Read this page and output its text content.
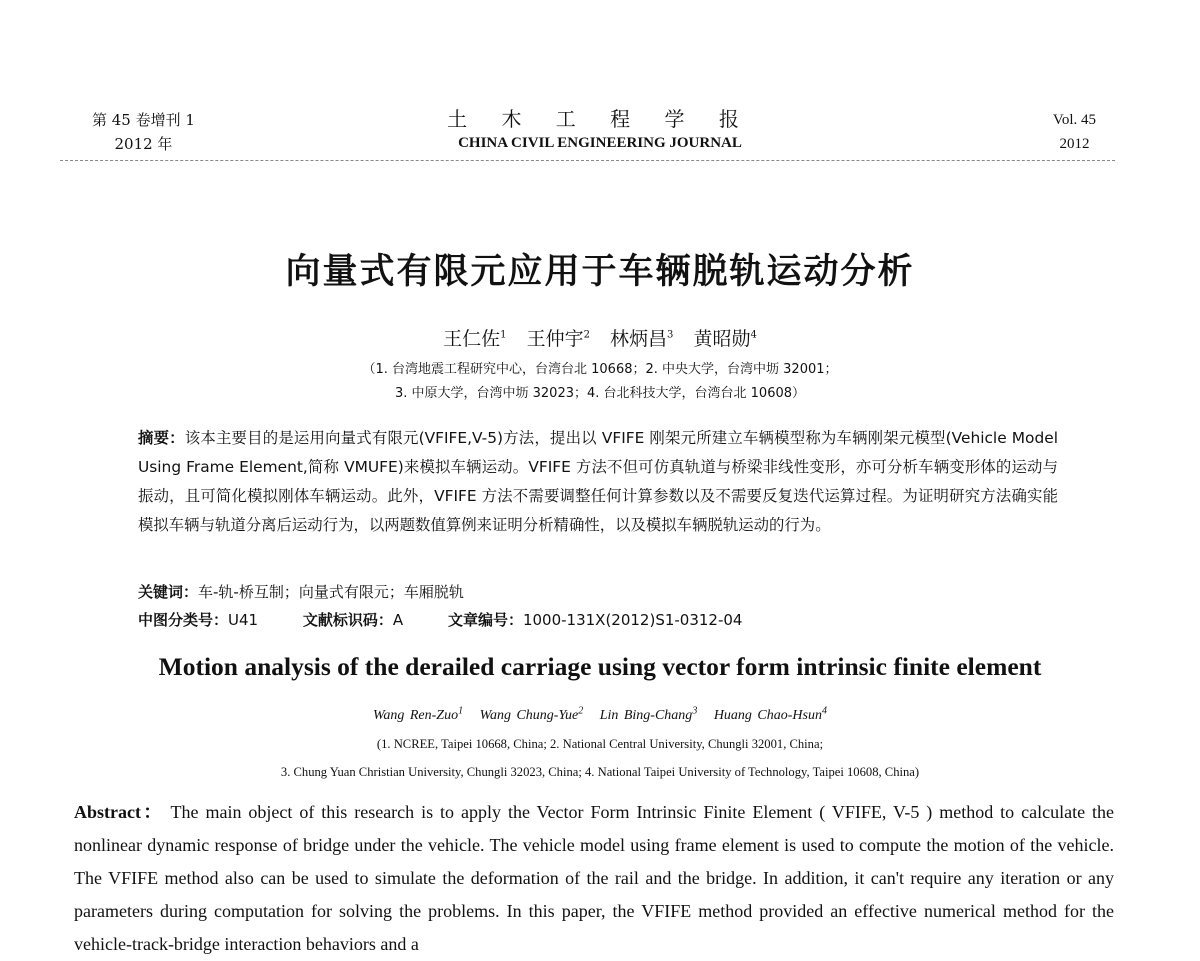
第 45 卷增刊 1
2012 年
土 木 工 程 学 报
CHINA CIVIL ENGINEERING JOURNAL
Vol. 45
2012
向量式有限元应用于车辆脱轨运动分析
王仁佐$^1$ 王仲宇$^2$ 林炳昌$^3$ 黄昭勋$^4$
（1. 台湾地震工程研究中心，台湾台北 10668；2. 中央大学，台湾中坜 32001；
3. 中原大学，台湾中坜 32023；4. 台北科技大学，台湾台北 10608）
摘要：该本主要目的是运用向量式有限元(VFIFE,V-5)方法，提出以 VFIFE 刚架元所建立车辆模型称为车辆刚架元模型(Vehicle Model Using Frame Element,简称 VMUFE)来模拟车辆运动。VFIFE 方法不但可仿真轨道与桥梁非线性变形，亦可分析车辆变形体的运动与振动，且可简化模拟刚体车辆运动。此外，VFIFE 方法不需要调整任何计算参数以及不需要反复迭代运算过程。为证明研究方法确实能模拟车辆与轨道分离后运动行为，以两题数值算例来证明分析精确性，以及模拟车辆脱轨运动的行为。
关键词：车-轨-桥互制；向量式有限元；车厢脱轨
中图分类号：U41	文献标识码：A	文章编号：1000-131X(2012)S1-0312-04
Motion analysis of the derailed carriage using vector form intrinsic finite element
Wang Ren-Zuo$^1$ Wang Chung-Yue$^2$ Lin Bing-Chang$^3$ Huang Chao-Hsun$^4$
(1. NCREE, Taipei 10668, China; 2. National Central University, Chungli 32001, China;
3. Chung Yuan Christian University, Chungli 32023, China; 4. National Taipei University of Technology, Taipei 10608, China)
Abstract： The main object of this research is to apply the Vector Form Intrinsic Finite Element ( VFIFE, V-5 ) method to calculate the nonlinear dynamic response of bridge under the vehicle. The vehicle model using frame element is used to compute the motion of the vehicle. The VFIFE method also can be used to simulate the deformation of the rail and the bridge. In addition, it can't require any iteration or any parameters during computation for solving the problems. In this paper, the VFIFE method provided an effective numerical method for the vehicle-track-bridge interaction behaviors and a
